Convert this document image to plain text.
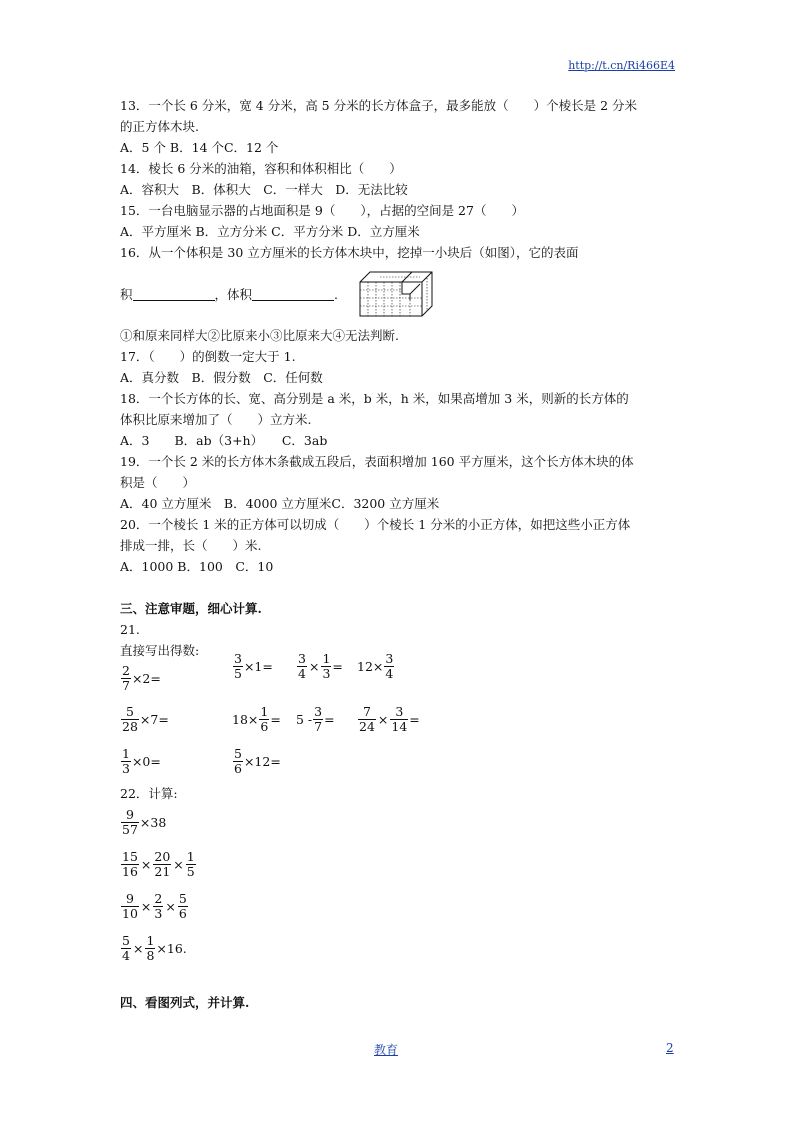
http://t.cn/Ri466E4
13．一个长 6 分米，宽 4 分米，高 5 分米的长方体盒子，最多能放（　　）个棱长是 2 分米
的正方体木块.
A．5 个 B．14 个C．12 个
14．棱长 6 分米的油箱，容积和体积相比（　　）
A．容积大　B．体积大　C．一样大　D．无法比较
15．一台电脑显示器的占地面积是 9（　　），占据的空间是 27（　　）
A．平方厘米 B．立方分米 C．平方分米 D．立方厘米
16．从一个体积是 30 立方厘米的长方体木块中，挖掉一小块后（如图），它的表面
积	，体积	.
①和原来同样大②比原来小③比原来大④无法判断.
17．（　　）的倒数一定大于 1.
A．真分数　B．假分数　C．任何数
18．一个长方体的长、宽、高分别是 a 米，b 米，h 米，如果高增加 3 米，则新的长方体的
体积比原来增加了（　　）立方米.
A．3　　B．ab（3+h）　　C．3ab
19．一个长 2 米的长方体木条截成五段后，表面积增加 160 平方厘米，这个长方体木块的体
积是（　　）
A．40 立方厘米　B．4000 立方厘米C．3200 立方厘米
20．一个棱长 1 米的正方体可以切成（　　）个棱长 1 分米的小正方体，如把这些小正方体
排成一排，长（　　）米.
A．1000 B．100　C．10
三、注意审题，细心计算.
21.
直接写出得数:
$\frac{2}{7} \times 2=$	$\frac{3}{5} \times 1= \frac{3}{4} \times \frac{1}{3} = 12\times \frac{3}{4}$
$\frac{5}{28} \times 7=$	$18\times \frac{1}{6} = 5 - \frac{3}{7} = \frac{7}{24} \times \frac{3}{14}$ =
$\frac{1}{3} \times 0=$	$\frac{5}{6} \times 12=$
22．计算:
$\frac{9}{57} \times 38$
$\frac{15}{16} \times \frac{20}{21} \times \frac{1}{5}$
$\frac{9}{10} \times \frac{2}{3} \times \frac{5}{6}$
$\frac{5}{4} \times \frac{1}{8} \times 16$.
四、看图列式，并计算.
教育	2
